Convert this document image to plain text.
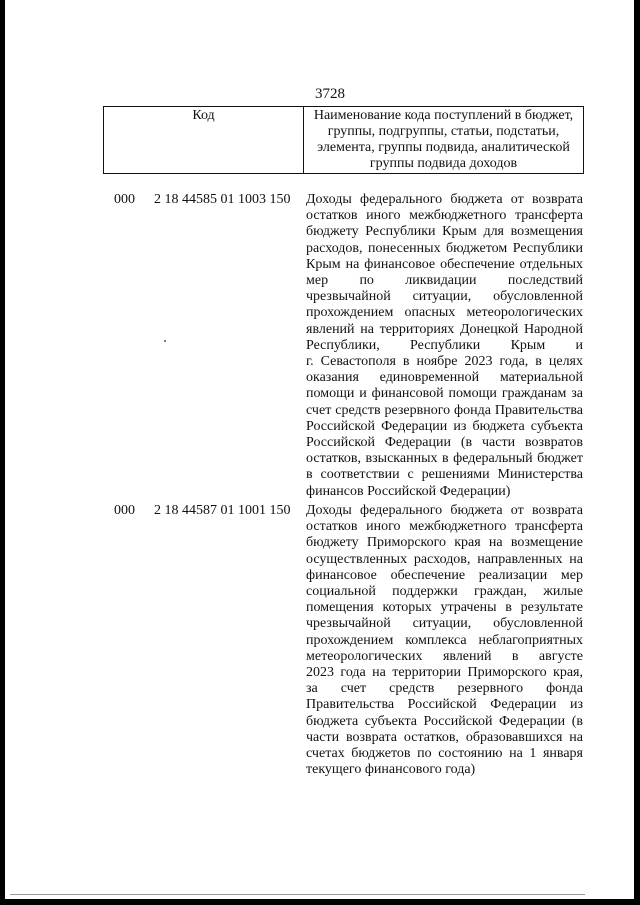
3728
Код	Наименование кода поступлений в бюджет,
группы, подгруппы, статьи, подстатьи,
элемента, группы подвида, аналитической
группы подвида доходов
000 2 18 44585 01 1003 150 Доходы федерального бюджета от возврата
остатков иного межбюджетного трансферта
бюджету Республики Крым для возмещения
расходов, понесенных бюджетом Республики
Крым на финансовое обеспечение отдельных
мер по ликвидации последствий
чрезвычайной ситуации, обусловленной
прохождением опасных метеорологических
явлений на территориях Донецкой Народной
Республики, Республики Крым и
г. Севастополя в ноябре 2023 года, в целях
оказания единовременной материальной
помощи и финансовой помощи гражданам за
счет средств резервного фонда Правительства
Российской Федерации из бюджета субъекта
Российской Федерации (в части возвратов
остатков, взысканных в федеральный бюджет
в соответствии с решениями Министерства
финансов Российской Федерации)
000 2 18 44587 01 1001 150 Доходы федерального бюджета от возврата
остатков иного межбюджетного трансферта
бюджету Приморского края на возмещение
осуществленных расходов, направленных на
финансовое обеспечение реализации мер
социальной поддержки граждан, жилые
помещения которых утрачены в результате
чрезвычайной ситуации, обусловленной
прохождением комплекса неблагоприятных
метеорологических явлений в августе
2023 года на территории Приморского края,
за счет средств резервного фонда
Правительства Российской Федерации из
бюджета субъекта Российской Федерации (в
части возврата остатков, образовавшихся на
счетах бюджетов по состоянию на 1 января
текущего финансового года)
